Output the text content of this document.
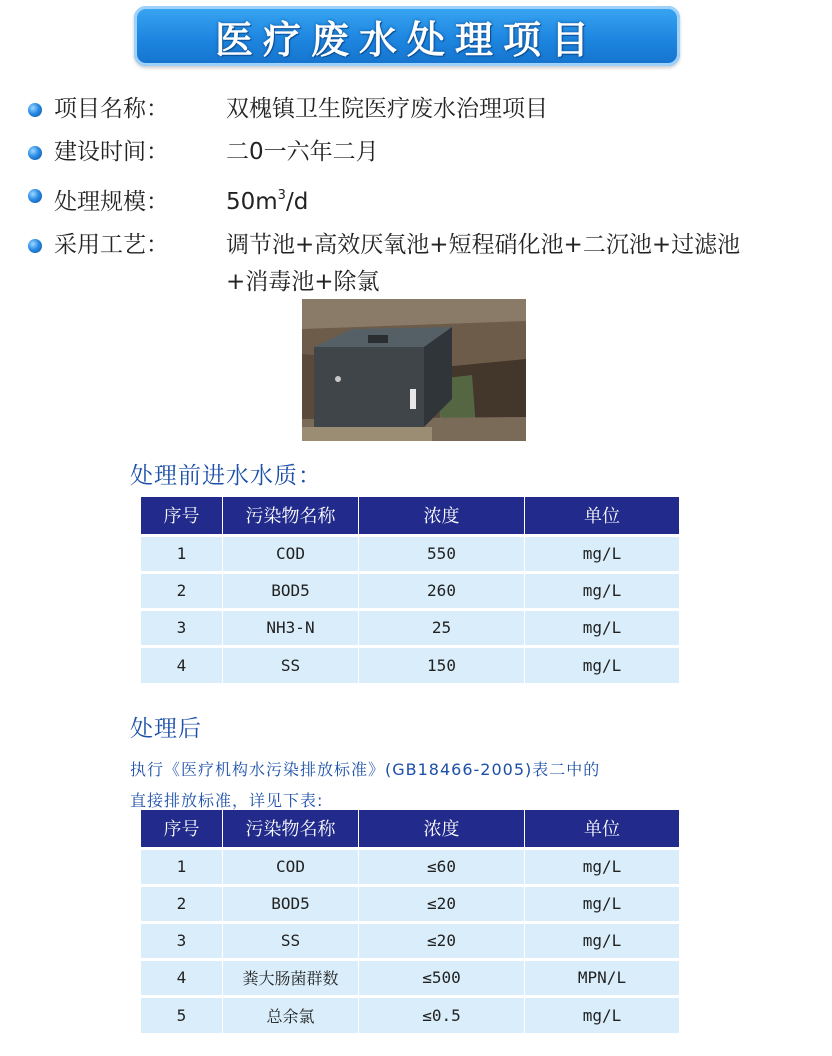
医疗废水处理项目
项目名称： 双槐镇卫生院医疗废水治理项目
建设时间： 二0一六年二月
处理规模： $50m^3/d$
采用工艺： 调节池+高效厌氧池+短程硝化池+二沉池+过滤池
+消毒池+除氯
处理前进水水质：
序号	污染物名称	浓度	单位
1	COD	550	mg/L
2	BOD5	260	mg/L
3	NH3-N	25	mg/L
4	SS	150	mg/L
处理后
执行《医疗机构水污染排放标准》(GB18466-2005)表二中的
直接排放标准，详见下表:
序号	污染物名称	浓度	单位
1	COD	≤60	mg/L
2	BOD5	≤20	mg/L
3	SS	≤20	mg/L
4	粪大肠菌群数	≤500	MPN/L
5	总余氯	≤0.5	mg/L
